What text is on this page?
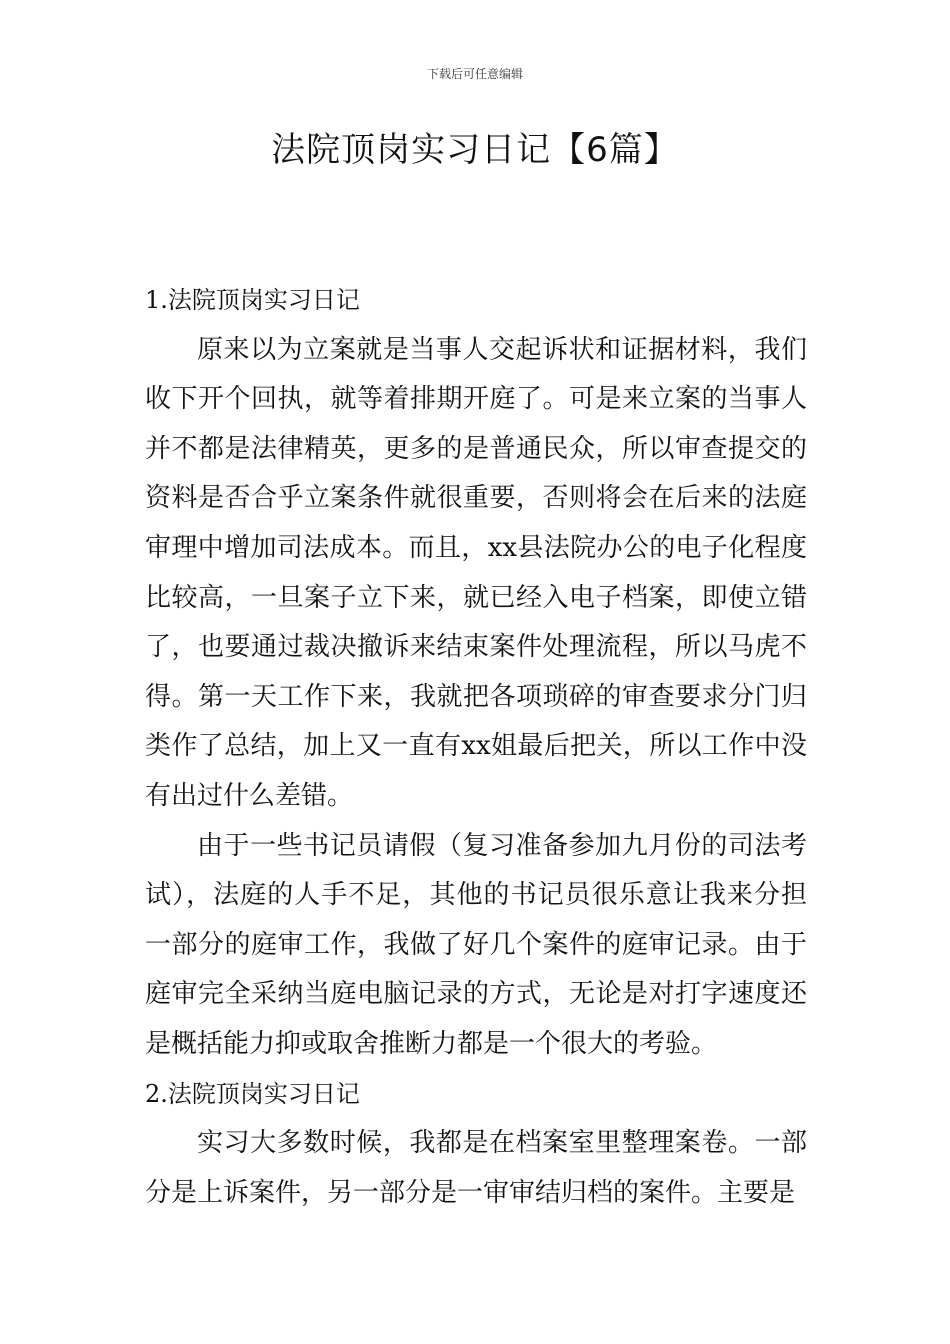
下载后可任意编辑
法院顶岗实习日记【6篇】
1.法院顶岗实习日记

原来以为立案就是当事人交起诉状和证据材料，我们收下开个回执，就等着排期开庭了。可是来立案的当事人并不都是法律精英，更多的是普通民众，所以审查提交的资料是否合乎立案条件就很重要，否则将会在后来的法庭审理中增加司法成本。而且，xx县法院办公的电子化程度比较高，一旦案子立下来，就已经入电子档案，即使立错了，也要通过裁决撤诉来结束案件处理流程，所以马虎不得。第一天工作下来，我就把各项琐碎的审查要求分门归类作了总结，加上又一直有xx姐最后把关，所以工作中没有出过什么差错。

由于一些书记员请假（复习准备参加九月份的司法考试），法庭的人手不足，其他的书记员很乐意让我来分担一部分的庭审工作，我做了好几个案件的庭审记录。由于庭审完全采纳当庭电脑记录的方式，无论是对打字速度还是概括能力抑或取舍推断力都是一个很大的考验。

2.法院顶岗实习日记

实习大多数时候，我都是在档案室里整理案卷。一部分是上诉案件，另一部分是一审审结归档的案件。主要是
